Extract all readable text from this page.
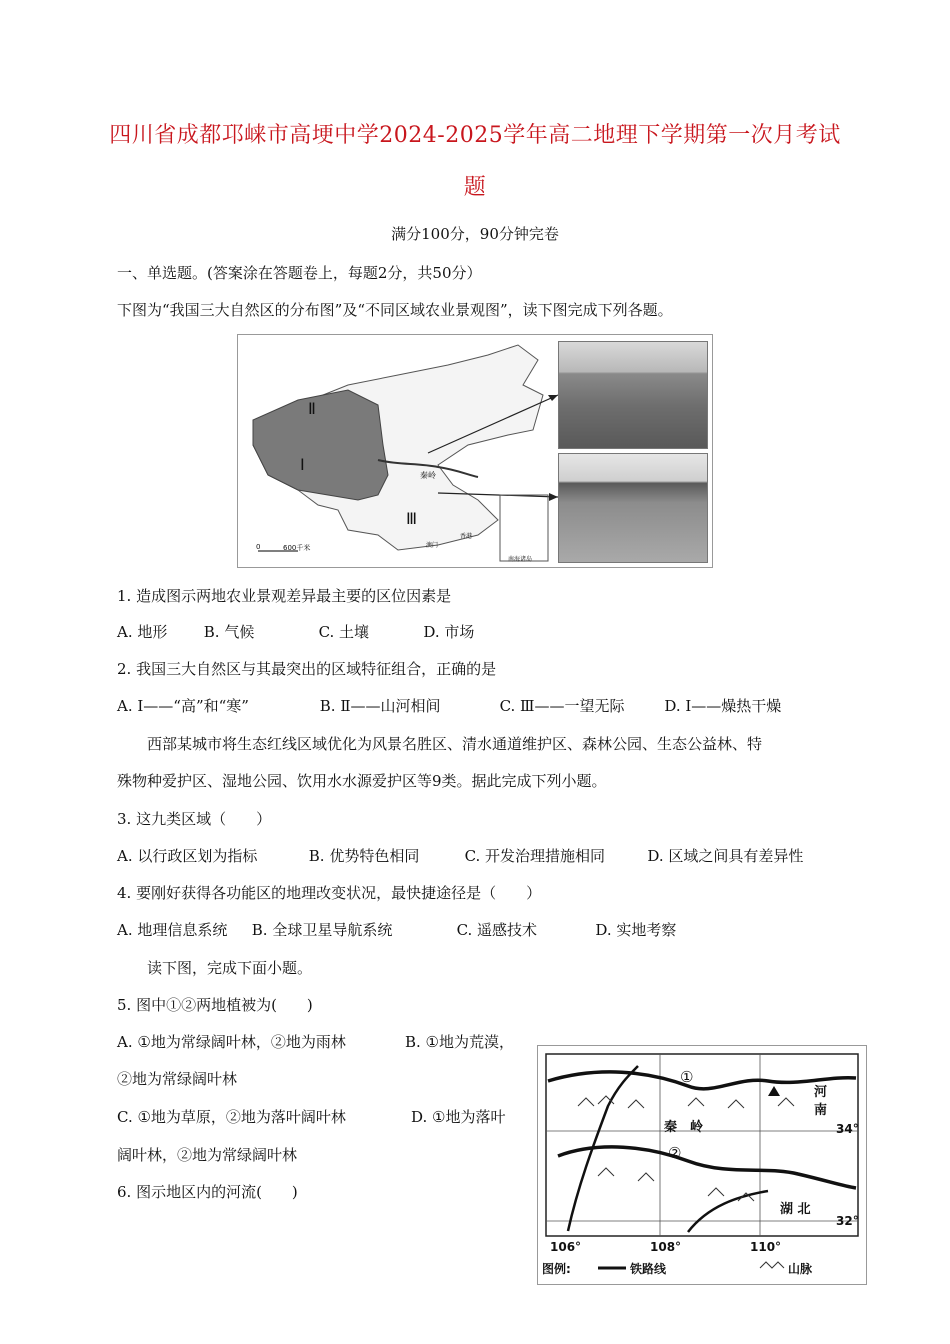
四川省成都邛崃市高埂中学2024-2025学年高二地理下学期第一次月考试
题
满分100分，90分钟完卷
一、单选题。(答案涂在答题卷上，每题2分，共50分）
下图为“我国三大自然区的分布图”及“不同区域农业景观图”，读下图完成下列各题。
Ⅱ
Ⅰ
Ⅲ
秦岭
600千米
0
南海诸岛
香港
澳门
1. 造成图示两地农业景观差异最主要的区位因素是
A. 地形 B. 气候	C. 土壤	D. 市场
2. 我国三大自然区与其最突出的区域特征组合，正确的是
A. Ⅰ——“高”和“寒”	B. Ⅱ——山河相间	C. Ⅲ——一望无际	D. Ⅰ——燥热干燥
西部某城市将生态红线区域优化为风景名胜区、清水通道维护区、森林公园、生态公益林、特
殊物种爱护区、湿地公园、饮用水水源爱护区等9类。据此完成下列小题。
3. 这九类区域（　　）
A. 以行政区划为指标	B. 优势特色相同	C. 开发治理措施相同	D. 区域之间具有差异性
4. 要刚好获得各功能区的地理改变状况，最快捷途径是（　　）
A. 地理信息系统 B. 全球卫星导航系统	C. 遥感技术	D. 实地考察
读下图，完成下面小题。
5. 图中①②两地植被为(　　)
A. ①地为常绿阔叶林，②地为雨林	B. ①地为荒漠，
②地为常绿阔叶林
C. ①地为草原，②地为落叶阔叶林	D. ①地为落叶
阔叶林，②地为常绿阔叶林
6. 图示地区内的河流(　　)
①
②
秦　岭
河
南
湖 北
34°
32°
106°	108°	110°
图例:	铁路线	山脉
